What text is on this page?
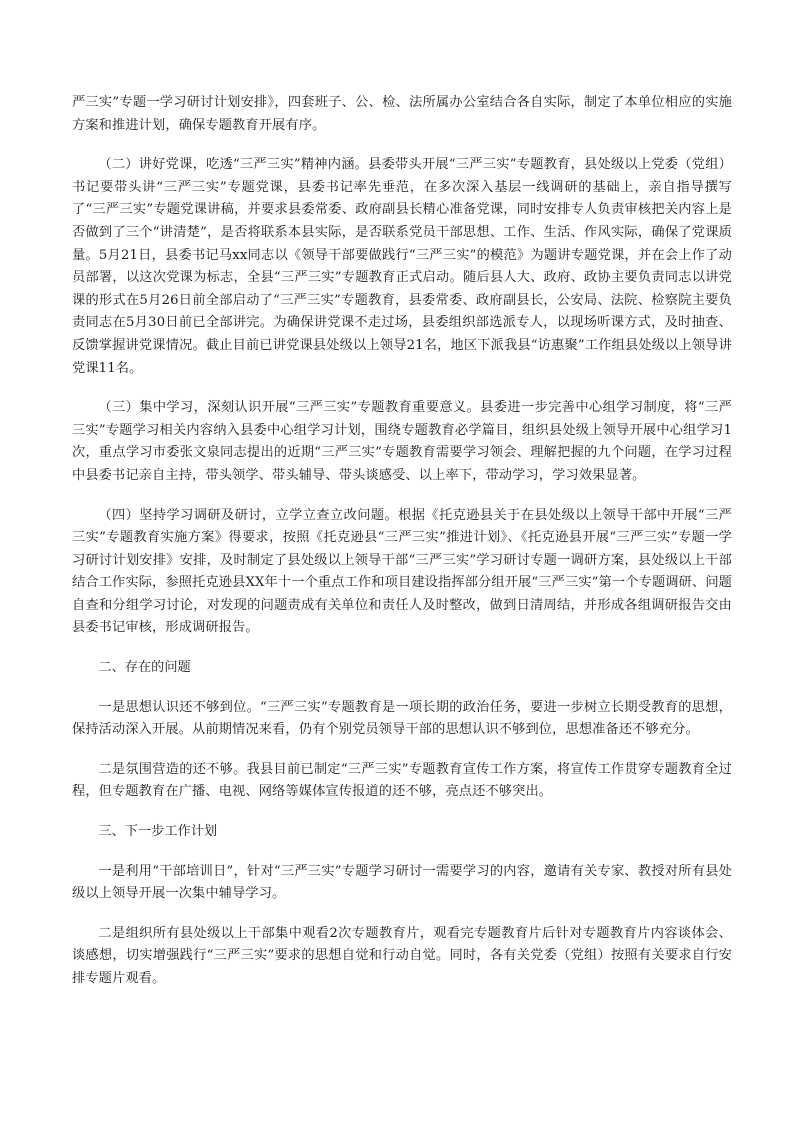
严三实”专题一学习研讨计划安排》，四套班子、公、检、法所属办公室结合各自实际，制定了本单位相应的实施方案和推进计划，确保专题教育开展有序。

（二）讲好党课，吃透“三严三实”精神内涵。县委带头开展“三严三实”专题教育，县处级以上党委（党组）书记要带头讲“三严三实”专题党课，县委书记率先垂范，在多次深入基层一线调研的基础上，亲自指导撰写了“三严三实”专题党课讲稿，并要求县委常委、政府副县长精心准备党课，同时安排专人负责审核把关内容上是否做到了三个“讲清楚”，是否将联系本县实际，是否联系党员干部思想、工作、生活、作风实际，确保了党课质量。5月21日，县委书记马xx同志以《领导干部要做践行“三严三实”的模范》为题讲专题党课，并在会上作了动员部署，以这次党课为标志，全县“三严三实”专题教育正式启动。随后县人大、政府、政协主要负责同志以讲党课的形式在5月26日前全部启动了“三严三实”专题教育，县委常委、政府副县长，公安局、法院、检察院主要负责同志在5月30日前已全部讲完。为确保讲党课不走过场，县委组织部选派专人，以现场听课方式，及时抽查、反馈掌握讲党课情况。截止目前已讲党课县处级以上领导21名，地区下派我县“访惠聚”工作组县处级以上领导讲党课11名。

（三）集中学习，深刻认识开展“三严三实”专题教育重要意义。县委进一步完善中心组学习制度，将“三严三实”专题学习相关内容纳入县委中心组学习计划，围绕专题教育必学篇目，组织县处级上领导开展中心组学习1次，重点学习市委张文泉同志提出的近期“三严三实”专题教育需要学习领会、理解把握的九个问题，在学习过程中县委书记亲自主持，带头领学、带头辅导、带头谈感受、以上率下，带动学习，学习效果显著。

（四）坚持学习调研及研讨，立学立查立改问题。根据《托克逊县关于在县处级以上领导干部中开展“三严三实”专题教育实施方案》得要求，按照《托克逊县“三严三实”推进计划》、《托克逊县开展“三严三实”专题一学习研讨计划安排》安排，及时制定了县处级以上领导干部“三严三实”学习研讨专题一调研方案，县处级以上干部结合工作实际，参照托克逊县XX年十一个重点工作和项目建设指挥部分组开展“三严三实”第一个专题调研、问题自查和分组学习讨论，对发现的问题责成有关单位和责任人及时整改，做到日清周结，并形成各组调研报告交由县委书记审核，形成调研报告。

二、存在的问题

一是思想认识还不够到位。“三严三实”专题教育是一项长期的政治任务，要进一步树立长期受教育的思想，保持活动深入开展。从前期情况来看，仍有个别党员领导干部的思想认识不够到位，思想准备还不够充分。

二是氛围营造的还不够。我县目前已制定“三严三实”专题教育宣传工作方案，将宣传工作贯穿专题教育全过程，但专题教育在广播、电视、网络等媒体宣传报道的还不够，亮点还不够突出。

三、下一步工作计划

一是利用“干部培训日”，针对“三严三实”专题学习研讨一需要学习的内容，邀请有关专家、教授对所有县处级以上领导开展一次集中辅导学习。

二是组织所有县处级以上干部集中观看2次专题教育片，观看完专题教育片后针对专题教育片内容谈体会、谈感想，切实增强践行“三严三实”要求的思想自觉和行动自觉。同时，各有关党委（党组）按照有关要求自行安排专题片观看。
